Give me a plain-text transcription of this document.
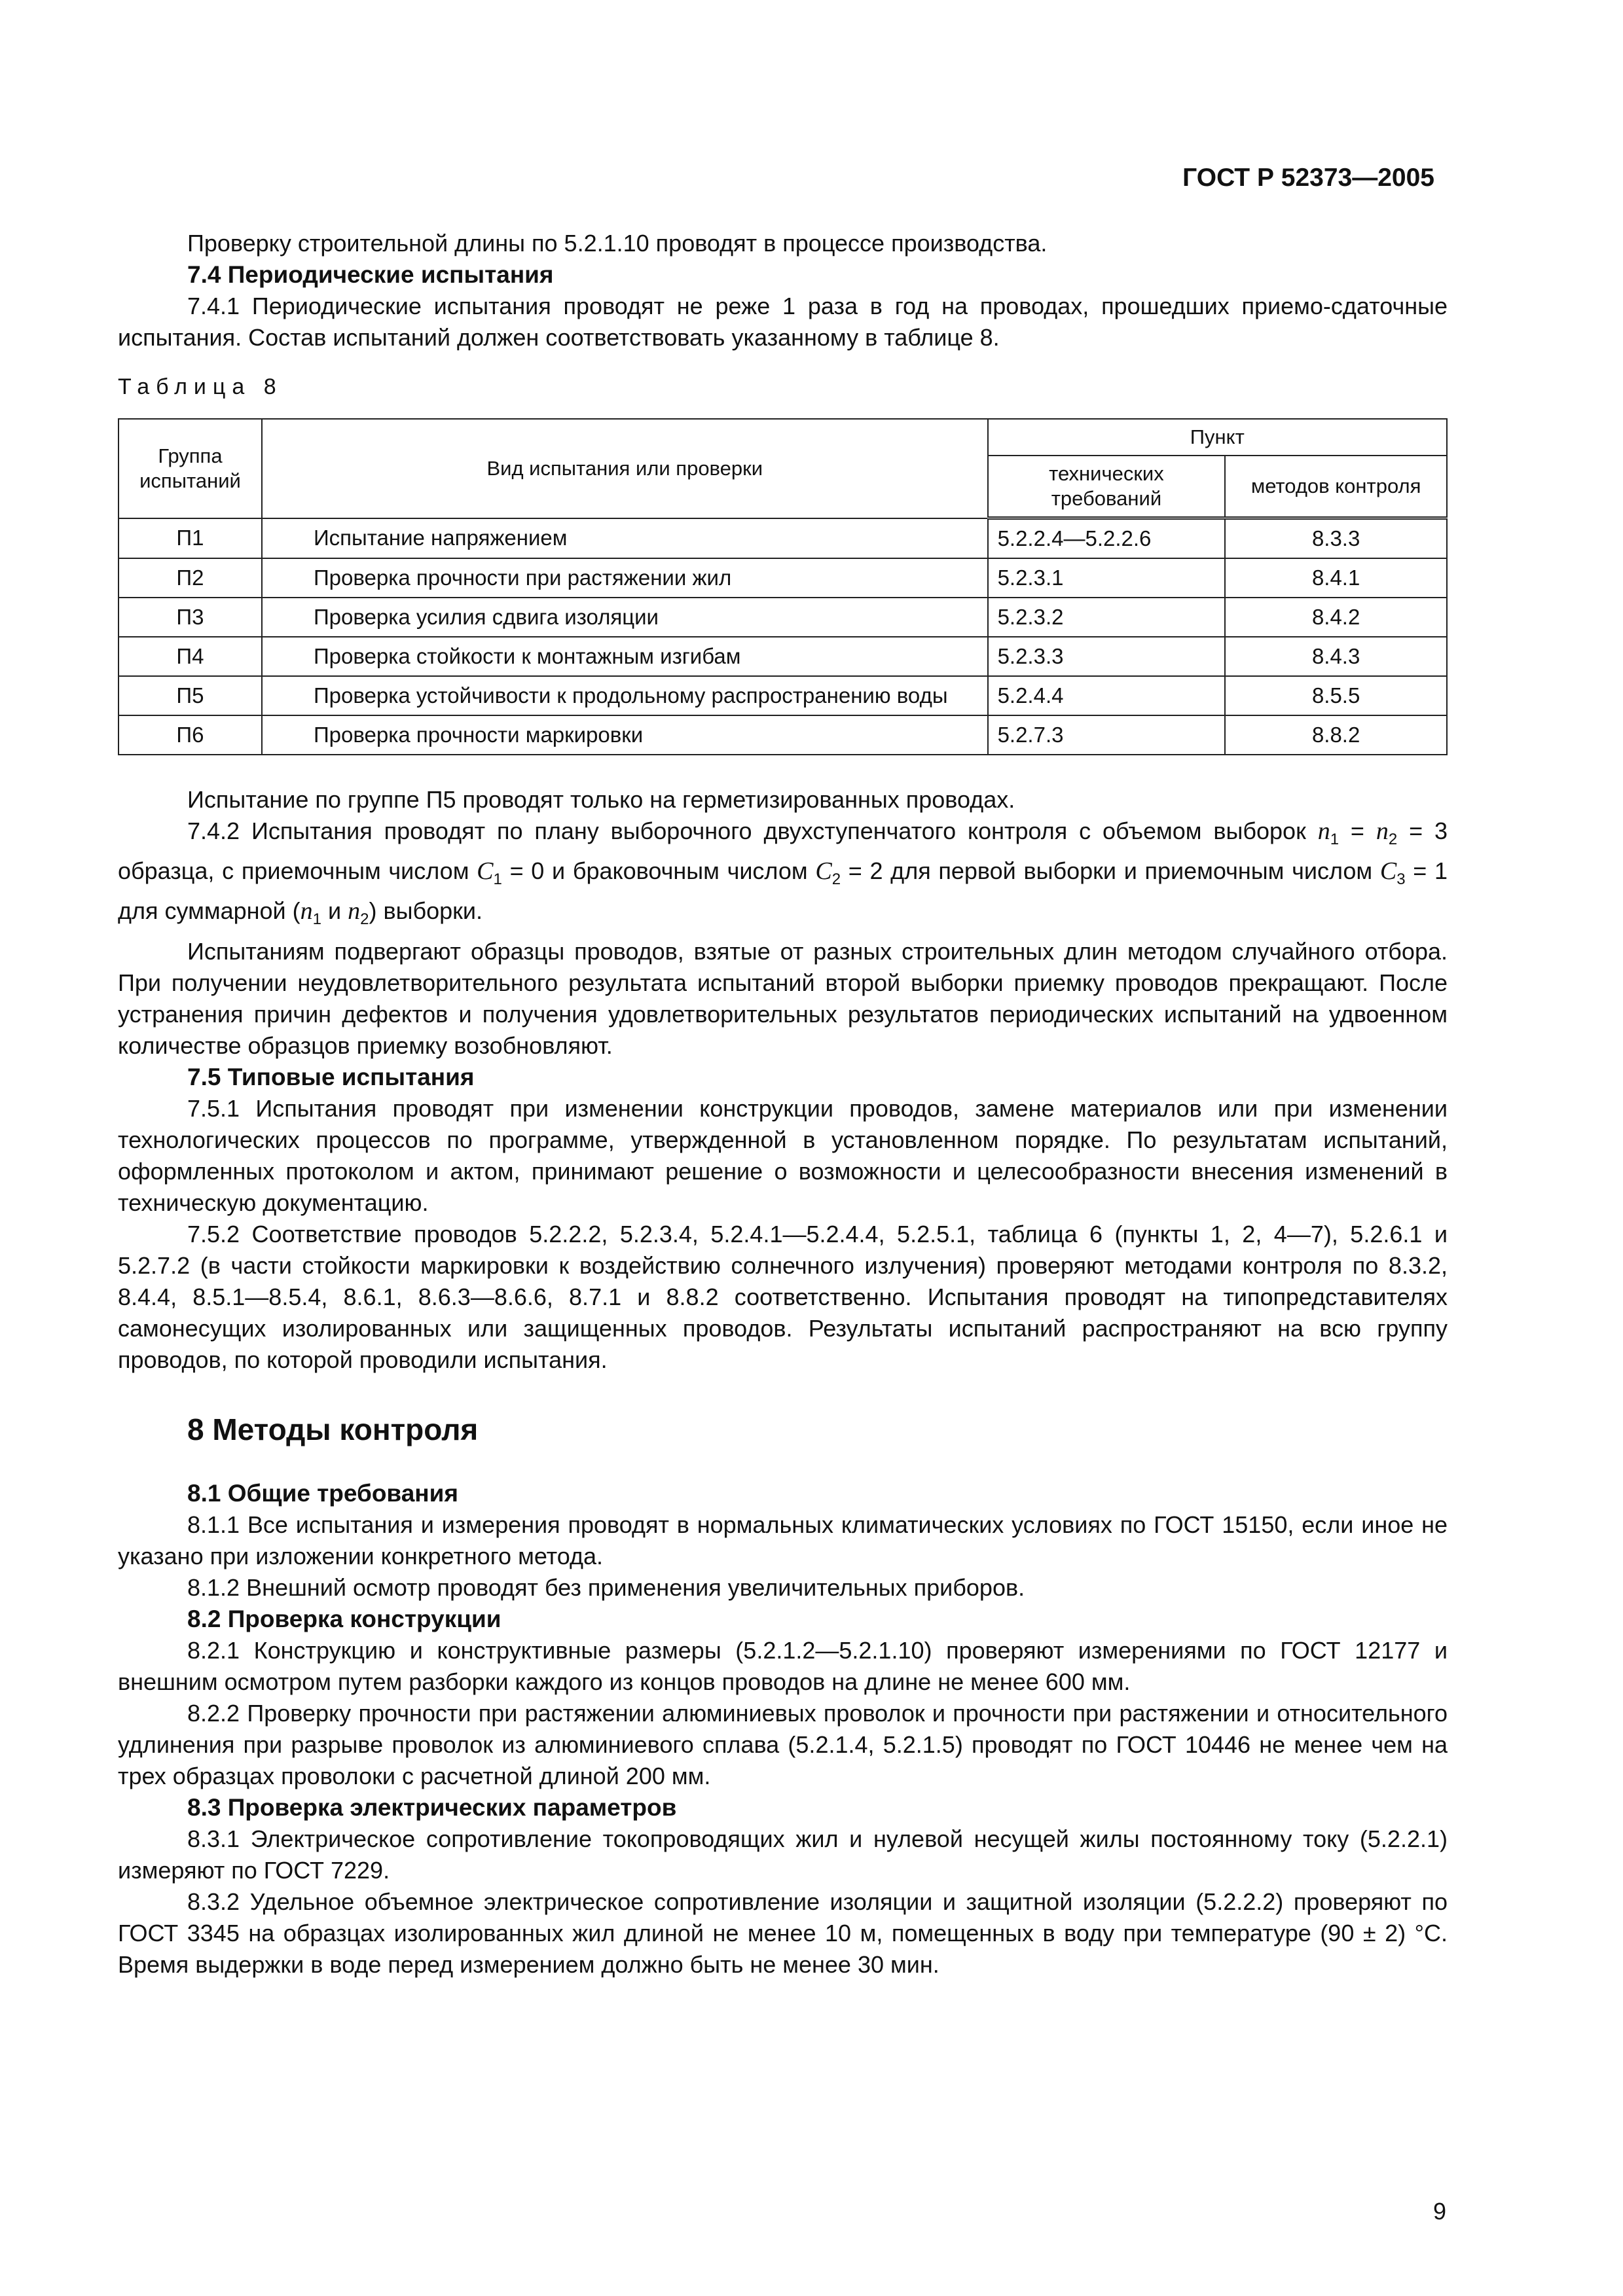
ГОСТ Р 52373—2005

Проверку строительной длины по 5.2.1.10 проводят в процессе производства.

7.4 Периодические испытания

7.4.1 Периодические испытания проводят не реже 1 раза в год на проводах, прошедших приемо-сдаточные испытания. Состав испытаний должен соответствовать указанному в таблице 8.

Таблица 8
Группа испытаний	Вид испытания или проверки	Пункт	
		технических требований	методов контроля
П1	Испытание напряжением	5.2.2.4—5.2.2.6	8.3.3
П2	Проверка прочности при растяжении жил	5.2.3.1	8.4.1
П3	Проверка усилия сдвига изоляции	5.2.3.2	8.4.2
П4	Проверка стойкости к монтажным изгибам	5.2.3.3	8.4.3
П5	Проверка устойчивости к продольному распространению воды	5.2.4.4	8.5.5
П6	Проверка прочности маркировки	5.2.7.3	8.8.2

Испытание по группе П5 проводят только на герметизированных проводах.

7.4.2 Испытания проводят по плану выборочного двухступенчатого контроля с объемом выборок $n_1 = n_2 = 3$ образца, с приемочным числом $C_1 = 0$ и браковочным числом $C_2 = 2$ для первой выборки и приемочным числом $C_3 = 1$ для суммарной ($n_1$ и $n_2$) выборки.

Испытаниям подвергают образцы проводов, взятые от разных строительных длин методом случайного отбора. При получении неудовлетворительного результата испытаний второй выборки приемку проводов прекращают. После устранения причин дефектов и получения удовлетворительных результатов периодических испытаний на удвоенном количестве образцов приемку возобновляют.

7.5 Типовые испытания

7.5.1 Испытания проводят при изменении конструкции проводов, замене материалов или при изменении технологических процессов по программе, утвержденной в установленном порядке. По результатам испытаний, оформленных протоколом и актом, принимают решение о возможности и целесообразности внесения изменений в техническую документацию.

7.5.2 Соответствие проводов 5.2.2.2, 5.2.3.4, 5.2.4.1—5.2.4.4, 5.2.5.1, таблица 6 (пункты 1, 2, 4—7), 5.2.6.1 и 5.2.7.2 (в части стойкости маркировки к воздействию солнечного излучения) проверяют методами контроля по 8.3.2, 8.4.4, 8.5.1—8.5.4, 8.6.1, 8.6.3—8.6.6, 8.7.1 и 8.8.2 соответственно. Испытания проводят на типопредставителях самонесущих изолированных или защищенных проводов. Результаты испытаний распространяют на всю группу проводов, по которой проводили испытания.

8 Методы контроля

8.1 Общие требования

8.1.1 Все испытания и измерения проводят в нормальных климатических условиях по ГОСТ 15150, если иное не указано при изложении конкретного метода.

8.1.2 Внешний осмотр проводят без применения увеличительных приборов.

8.2 Проверка конструкции

8.2.1 Конструкцию и конструктивные размеры (5.2.1.2—5.2.1.10) проверяют измерениями по ГОСТ 12177 и внешним осмотром путем разборки каждого из концов проводов на длине не менее 600 мм.

8.2.2 Проверку прочности при растяжении алюминиевых проволок и прочности при растяжении и относительного удлинения при разрыве проволок из алюминиевого сплава (5.2.1.4, 5.2.1.5) проводят по ГОСТ 10446 не менее чем на трех образцах проволоки с расчетной длиной 200 мм.

8.3 Проверка электрических параметров

8.3.1 Электрическое сопротивление токопроводящих жил и нулевой несущей жилы постоянному току (5.2.2.1) измеряют по ГОСТ 7229.

8.3.2 Удельное объемное электрическое сопротивление изоляции и защитной изоляции (5.2.2.2) проверяют по ГОСТ 3345 на образцах изолированных жил длиной не менее 10 м, помещенных в воду при температуре (90 ± 2) °С. Время выдержки в воде перед измерением должно быть не менее 30 мин.

9
